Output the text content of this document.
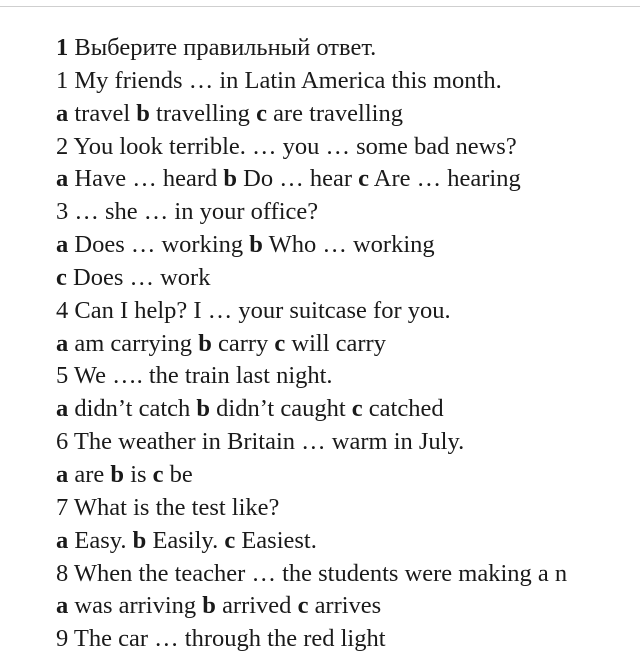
1 Выберите правильный ответ.
1 My friends … in Latin America this month.
a travel b travelling c are travelling
2 You look terrible. … you … some bad news?
a Have … heard b Do … hear c Are … hearing
3 … she … in your office?
a Does … working b Who … working
c Does … work
4 Can I help? I … your suitcase for you.
a am carrying b carry c will carry
5 We …. the train last night.
a didn’t catch b didn’t caught c catched
6 The weather in Britain … warm in July.
a are b is c be
7 What is the test like?
a Easy. b Easily. c Easiest.
8 When the teacher … the students were making a n
a was arriving b arrived c arrives
9 The car … through the red light
